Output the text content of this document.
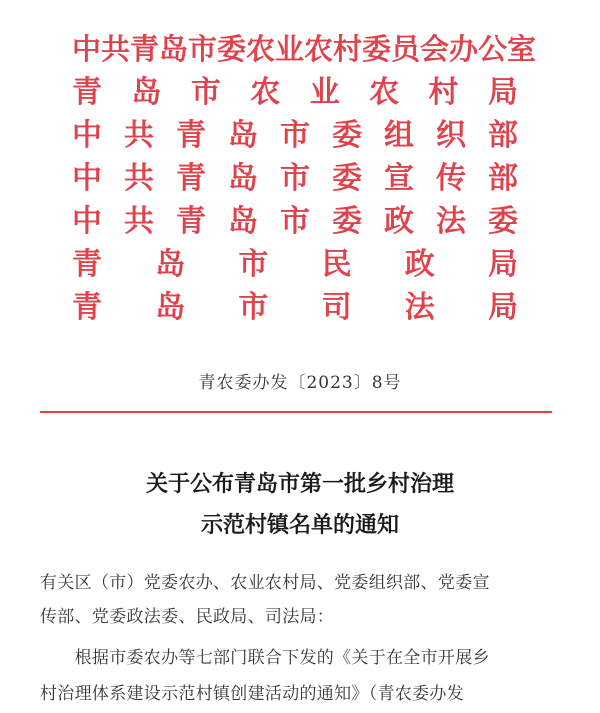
中共青岛市委农业农村委员会办公室
青 岛 市 农 业 农 村 局
中 共 青 岛 市 委 组 织 部
中 共 青 岛 市 委 宣 传 部
中 共 青 岛 市 委 政 法 委
青 岛 市 民 政 局
青 岛 市 司 法 局
青农委办发〔2023〕8号
关于公布青岛市第一批乡村治理
示范村镇名单的通知
有关区（市）党委农办、农业农村局、党委组织部、党委宣
传部、党委政法委、民政局、司法局：
　　根据市委农办等七部门联合下发的《关于在全市开展乡
村治理体系建设示范村镇创建活动的通知》（青农委办发
